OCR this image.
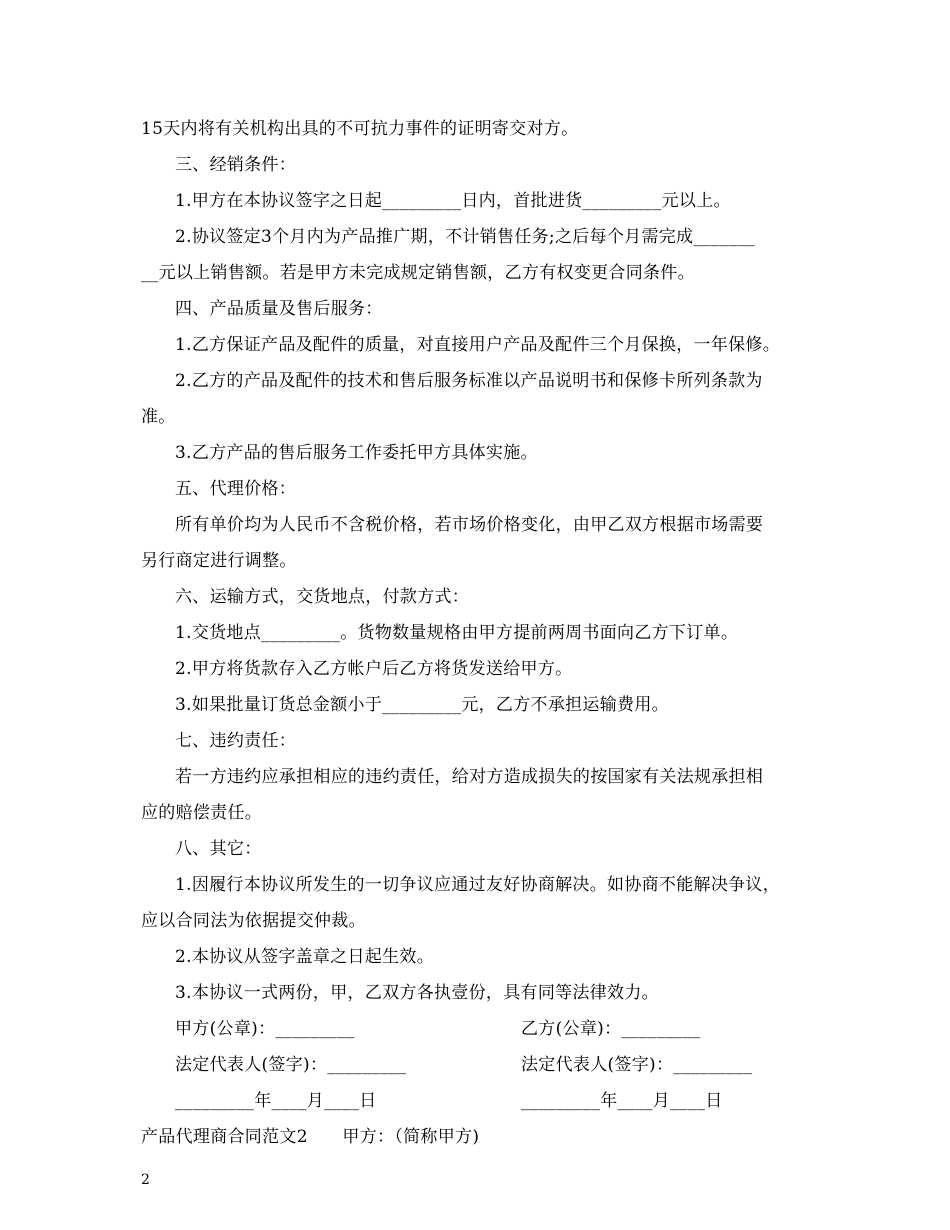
15天内将有关机构出具的不可抗力事件的证明寄交对方。
三、经销条件：
1.甲方在本协议签字之日起_________日内，首批进货_________元以上。
2.协议签定3个月内为产品推广期，不计销售任务;之后每个月需完成_______
__元以上销售额。若是甲方未完成规定销售额，乙方有权变更合同条件。
四、产品质量及售后服务：
1.乙方保证产品及配件的质量，对直接用户产品及配件三个月保换，一年保修。
2.乙方的产品及配件的技术和售后服务标准以产品说明书和保修卡所列条款为
准。
3.乙方产品的售后服务工作委托甲方具体实施。
五、代理价格：
所有单价均为人民币不含税价格，若市场价格变化，由甲乙双方根据市场需要
另行商定进行调整。
六、运输方式，交货地点，付款方式：
1.交货地点_________。货物数量规格由甲方提前两周书面向乙方下订单。
2.甲方将货款存入乙方帐户后乙方将货发送给甲方。
3.如果批量订货总金额小于_________元，乙方不承担运输费用。
七、违约责任：
若一方违约应承担相应的违约责任，给对方造成损失的按国家有关法规承担相
应的赔偿责任。
八、其它：
1.因履行本协议所发生的一切争议应通过友好协商解决。如协商不能解决争议，
应以合同法为依据提交仲裁。
2.本协议从签字盖章之日起生效。
3.本协议一式两份，甲，乙双方各执壹份，具有同等法律效力。
甲方(公章)：_________	乙方(公章)：_________
法定代表人(签字)：_________	法定代表人(签字)：_________
_________年____月____日	_________年____月____日
产品代理商合同范文2　　甲方：（简称甲方)
2
